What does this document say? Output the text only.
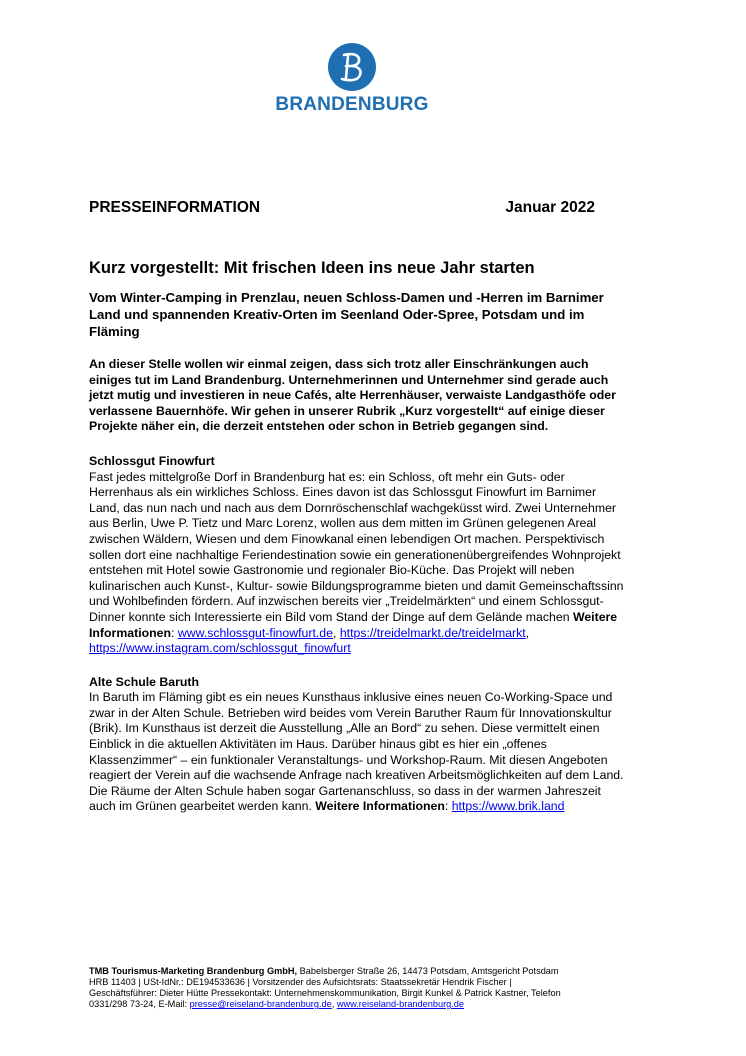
BRANDENBURG
PRESSEINFORMATION	Januar 2022
Kurz vorgestellt: Mit frischen Ideen ins neue Jahr starten
Vom Winter-Camping in Prenzlau, neuen Schloss-Damen und -Herren im Barnimer Land und spannenden Kreativ-Orten im Seenland Oder-Spree, Potsdam und im Fläming
An dieser Stelle wollen wir einmal zeigen, dass sich trotz aller Einschränkungen auch einiges tut im Land Brandenburg. Unternehmerinnen und Unternehmer sind gerade auch jetzt mutig und investieren in neue Cafés, alte Herrenhäuser, verwaiste Landgasthöfe oder verlassene Bauernhöfe. Wir gehen in unserer Rubrik „Kurz vorgestellt“ auf einige dieser Projekte näher ein, die derzeit entstehen oder schon in Betrieb gegangen sind.
Schlossgut Finowfurt
Fast jedes mittelgroße Dorf in Brandenburg hat es: ein Schloss, oft mehr ein Guts- oder Herrenhaus als ein wirkliches Schloss. Eines davon ist das Schlossgut Finowfurt im Barnimer Land, das nun nach und nach aus dem Dornröschenschlaf wachgeküsst wird. Zwei Unternehmer aus Berlin, Uwe P. Tietz und Marc Lorenz, wollen aus dem mitten im Grünen gelegenen Areal zwischen Wäldern, Wiesen und dem Finowkanal einen lebendigen Ort machen. Perspektivisch sollen dort eine nachhaltige Feriendestination sowie ein generationenübergreifendes Wohnprojekt entstehen mit Hotel sowie Gastronomie und regionaler Bio-Küche. Das Projekt will neben kulinarischen auch Kunst-, Kultur- sowie Bildungsprogramme bieten und damit Gemeinschaftssinn und Wohlbefinden fördern. Auf inzwischen bereits vier „Treidelmärkten“ und einem Schlossgut-Dinner konnte sich Interessierte ein Bild vom Stand der Dinge auf dem Gelände machen Weitere Informationen: www.schlossgut-finowfurt.de, https://treidelmarkt.de/treidelmarkt, https://www.instagram.com/schlossgut_finowfurt
Alte Schule Baruth
In Baruth im Fläming gibt es ein neues Kunsthaus inklusive eines neuen Co-Working-Space und zwar in der Alten Schule. Betrieben wird beides vom Verein Baruther Raum für Innovationskultur (Brik). Im Kunsthaus ist derzeit die Ausstellung „Alle an Bord“ zu sehen. Diese vermittelt einen Einblick in die aktuellen Aktivitäten im Haus. Darüber hinaus gibt es hier ein „offenes Klassenzimmer“ – ein funktionaler Veranstaltungs- und Workshop-Raum. Mit diesen Angeboten reagiert der Verein auf die wachsende Anfrage nach kreativen Arbeitsmöglichkeiten auf dem Land. Die Räume der Alten Schule haben sogar Gartenanschluss, so dass in der warmen Jahreszeit auch im Grünen gearbeitet werden kann. Weitere Informationen: https://www.brik.land
TMB Tourismus-Marketing Brandenburg GmbH, Babelsberger Straße 26, 14473 Potsdam, Amtsgericht Potsdam HRB 11403 | USt-IdNr.: DE194533636 | Vorsitzender des Aufsichtsrats: Staatssekretär Hendrik Fischer | Geschäftsführer: Dieter Hütte Pressekontakt: Unternehmenskommunikation, Birgit Kunkel & Patrick Kastner, Telefon 0331/298 73-24, E-Mail: presse@reiseland-brandenburg.de, www.reiseland-brandenburg.de
